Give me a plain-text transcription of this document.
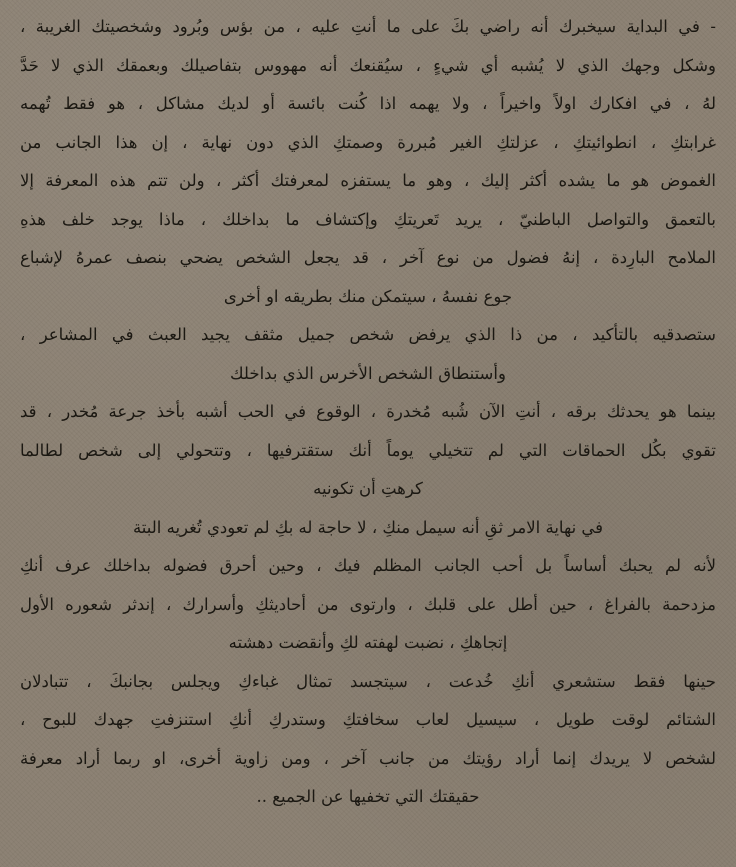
- في البداية سيخبرك أنه راضي بكَ على ما أنتِ عليه ، من بؤس وبُرود وشخصيتك الغريبة ،
وشكل وجهك الذي لا يُشبه أي شيءٍ ، سيُقنعك أنه مهووس بتفاصيلك وبعمقك الذي لا حَدَّ
لهُ ، في افكارك اولاً واخيراً ، ولا يهمه اذا كُنت بائسة أو لديك مشاكل ، هو فقط تُهمه
غرابتكِ ، انطوائيتكِ ، عزلتكِ الغير مُبررة وصمتكِ الذي دون نهاية ، إن هذا الجانب من
الغموض هو ما يشده أكثر إليك ، وهو ما يستفزه لمعرفتك أكثر ، ولن تتم هذه المعرفة إلا
بالتعمق والتواصل الباطنيّ ، يريد تَعريتكِ وإكتشاف ما بداخلك ، ماذا يوجد خلف هذهِ
الملامح البارِدة ، إنهُ فضول من نوع آخر ، قد يجعل الشخص يضحي بنصف عمرهُ لإشباع
جوع نفسهُ ، سيتمكن منك بطريقه او أخرى
ستصدقيه بالتأكيد ، من ذا الذي يرفض شخص جميل مثقف يجيد العبث في المشاعر ،
وأستنطاق الشخص الأخرس الذي بداخلك
بينما هو يحدثك برقه ، أنتِ الآن شُبه مُخدرة ، الوقوع في الحب أشبه بأخذ جرعة مُخدر ، قد
تقوي بكُل الحماقات التي لم تتخيلي يوماً أنك ستقترفيها ، وتتحولي إلى شخص لطالما
كرهتِ أن تكونيه
في نهاية الامر ثقِ أنه سيمل منكِ ، لا حاجة له بكِ لم تعودي تُغريه البتة
لأنه لم يحبك أساساً بل أحب الجانب المظلم فيك ، وحين أحرق فضوله بداخلك عرف أنكِ
مزدحمة بالفراغ ، حين أطل على قلبك ، وارتوى من أحاديثكِ وأسرارك ، إندثر شعوره الأول
إتجاهكِ ، نضبت لهفته لكِ وأنقضت دهشته
حينها فقط ستشعري أنكِ خُدعت ، سيتجسد تمثال غباءكِ ويجلس بجانبكَ ، تتبادلان
الشتائم لوقت طويل ، سيسيل لعاب سخافتكِ وستدركِ أنكِ استنزفتِ جهدك للبوح ،
لشخص لا يريدك إنما أراد رؤيتك من جانب آخر ، ومن زاوية أخرى، او ربما أراد معرفة
حقيقتك التي تخفيها عن الجميع ..
